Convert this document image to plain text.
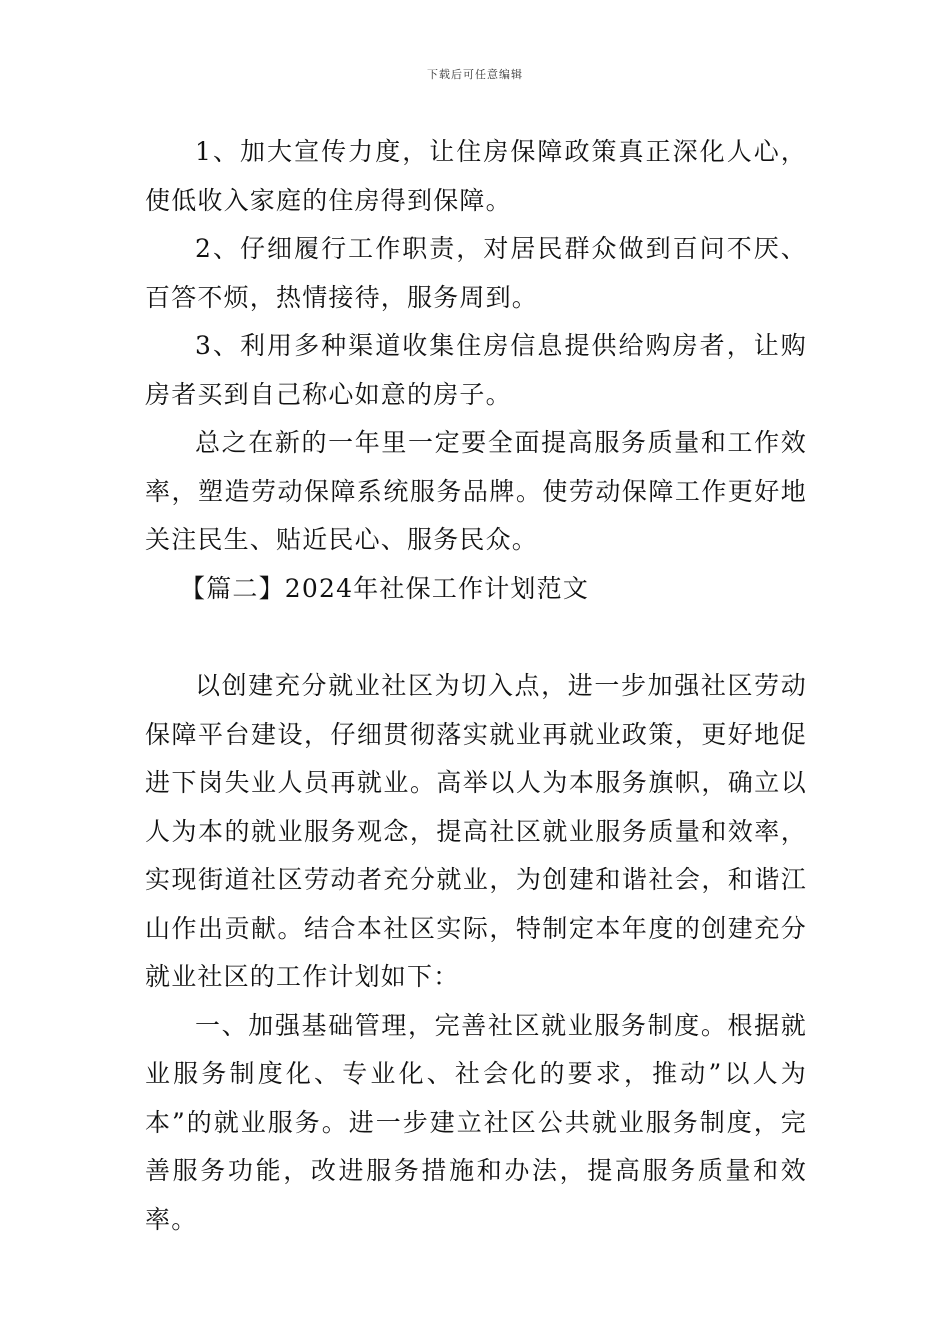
下载后可任意编辑

1、加大宣传力度，让住房保障政策真正深化人心，使低收入家庭的住房得到保障。

2、仔细履行工作职责，对居民群众做到百问不厌、百答不烦，热情接待，服务周到。

3、利用多种渠道收集住房信息提供给购房者，让购房者买到自己称心如意的房子。

总之在新的一年里一定要全面提高服务质量和工作效率，塑造劳动保障系统服务品牌。使劳动保障工作更好地关注民生、贴近民心、服务民众。

【篇二】2024年社保工作计划范文

以创建充分就业社区为切入点，进一步加强社区劳动保障平台建设，仔细贯彻落实就业再就业政策，更好地促进下岗失业人员再就业。高举以人为本服务旗帜，确立以人为本的就业服务观念，提高社区就业服务质量和效率，实现街道社区劳动者充分就业，为创建和谐社会，和谐江山作出贡献。结合本社区实际，特制定本年度的创建充分就业社区的工作计划如下：

一、加强基础管理，完善社区就业服务制度。根据就业服务制度化、专业化、社会化的要求，推动”以人为本”的就业服务。进一步建立社区公共就业服务制度，完善服务功能，改进服务措施和办法，提高服务质量和效率。
